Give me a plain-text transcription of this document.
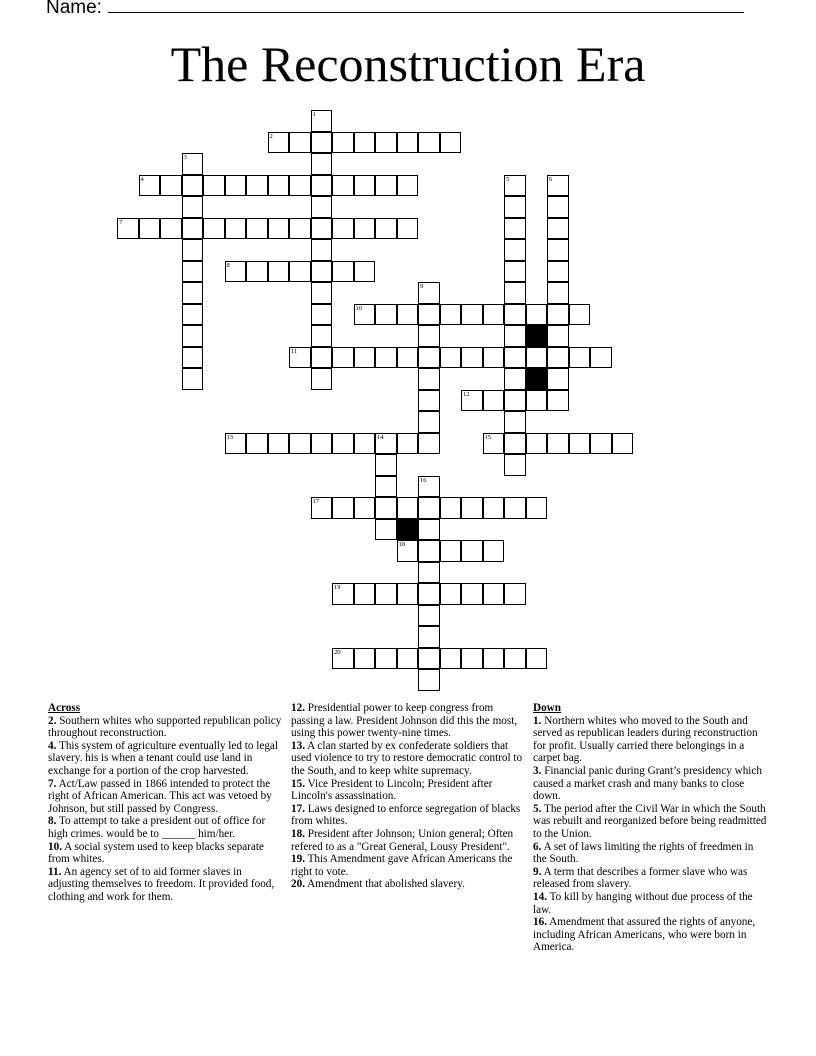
Name:
The Reconstruction Era
1
2
3
4	5	6
7
8
9
10
11
12
13	14	15
16
17
18
19
20

Across

2. Southern whites who supported republican policy throughout reconstruction.

4. This system of agriculture eventually led to legal slavery. his is when a tenant could use land in exchange for a portion of the crop harvested.

7. Act/Law passed in 1866 intended to protect the right of African American. This act was vetoed by Johnson, but still passed by Congress.

8. To attempt to take a president out of office for high crimes. would be to ______ him/her.

10. A social system used to keep blacks separate from whites.

11. An agency set of to aid former slaves in adjusting themselves to freedom. It provided food, clothing and work for them.

12. Presidential power to keep congress from passing a law. President Johnson did this the most, using this power twenty-nine times.

13. A clan started by ex confederate soldiers that used violence to try to restore democratic control to the South, and to keep white supremacy.

15. Vice President to Lincoln; President after Lincoln's assassination.

17. Laws designed to enforce segregation of blacks from whites.

18. President after Johnson; Union general; Often refered to as a "Great General, Lousy President".

19. This Amendment gave African Americans the right to vote.

20. Amendment that abolished slavery.

Down

1. Northern whites who moved to the South and served as republican leaders during reconstruction for profit. Usually carried there belongings in a carpet bag.

3. Financial panic during Grant’s presidency which caused a market crash and many banks to close down.

5. The period after the Civil War in which the South was rebuilt and reorganized before being readmitted to the Union.

6. A set of laws limiting the rights of freedmen in the South.

9. A term that describes a former slave who was released from slavery.

14. To kill by hanging without due process of the law.

16. Amendment that assured the rights of anyone, including African Americans, who were born in America.
